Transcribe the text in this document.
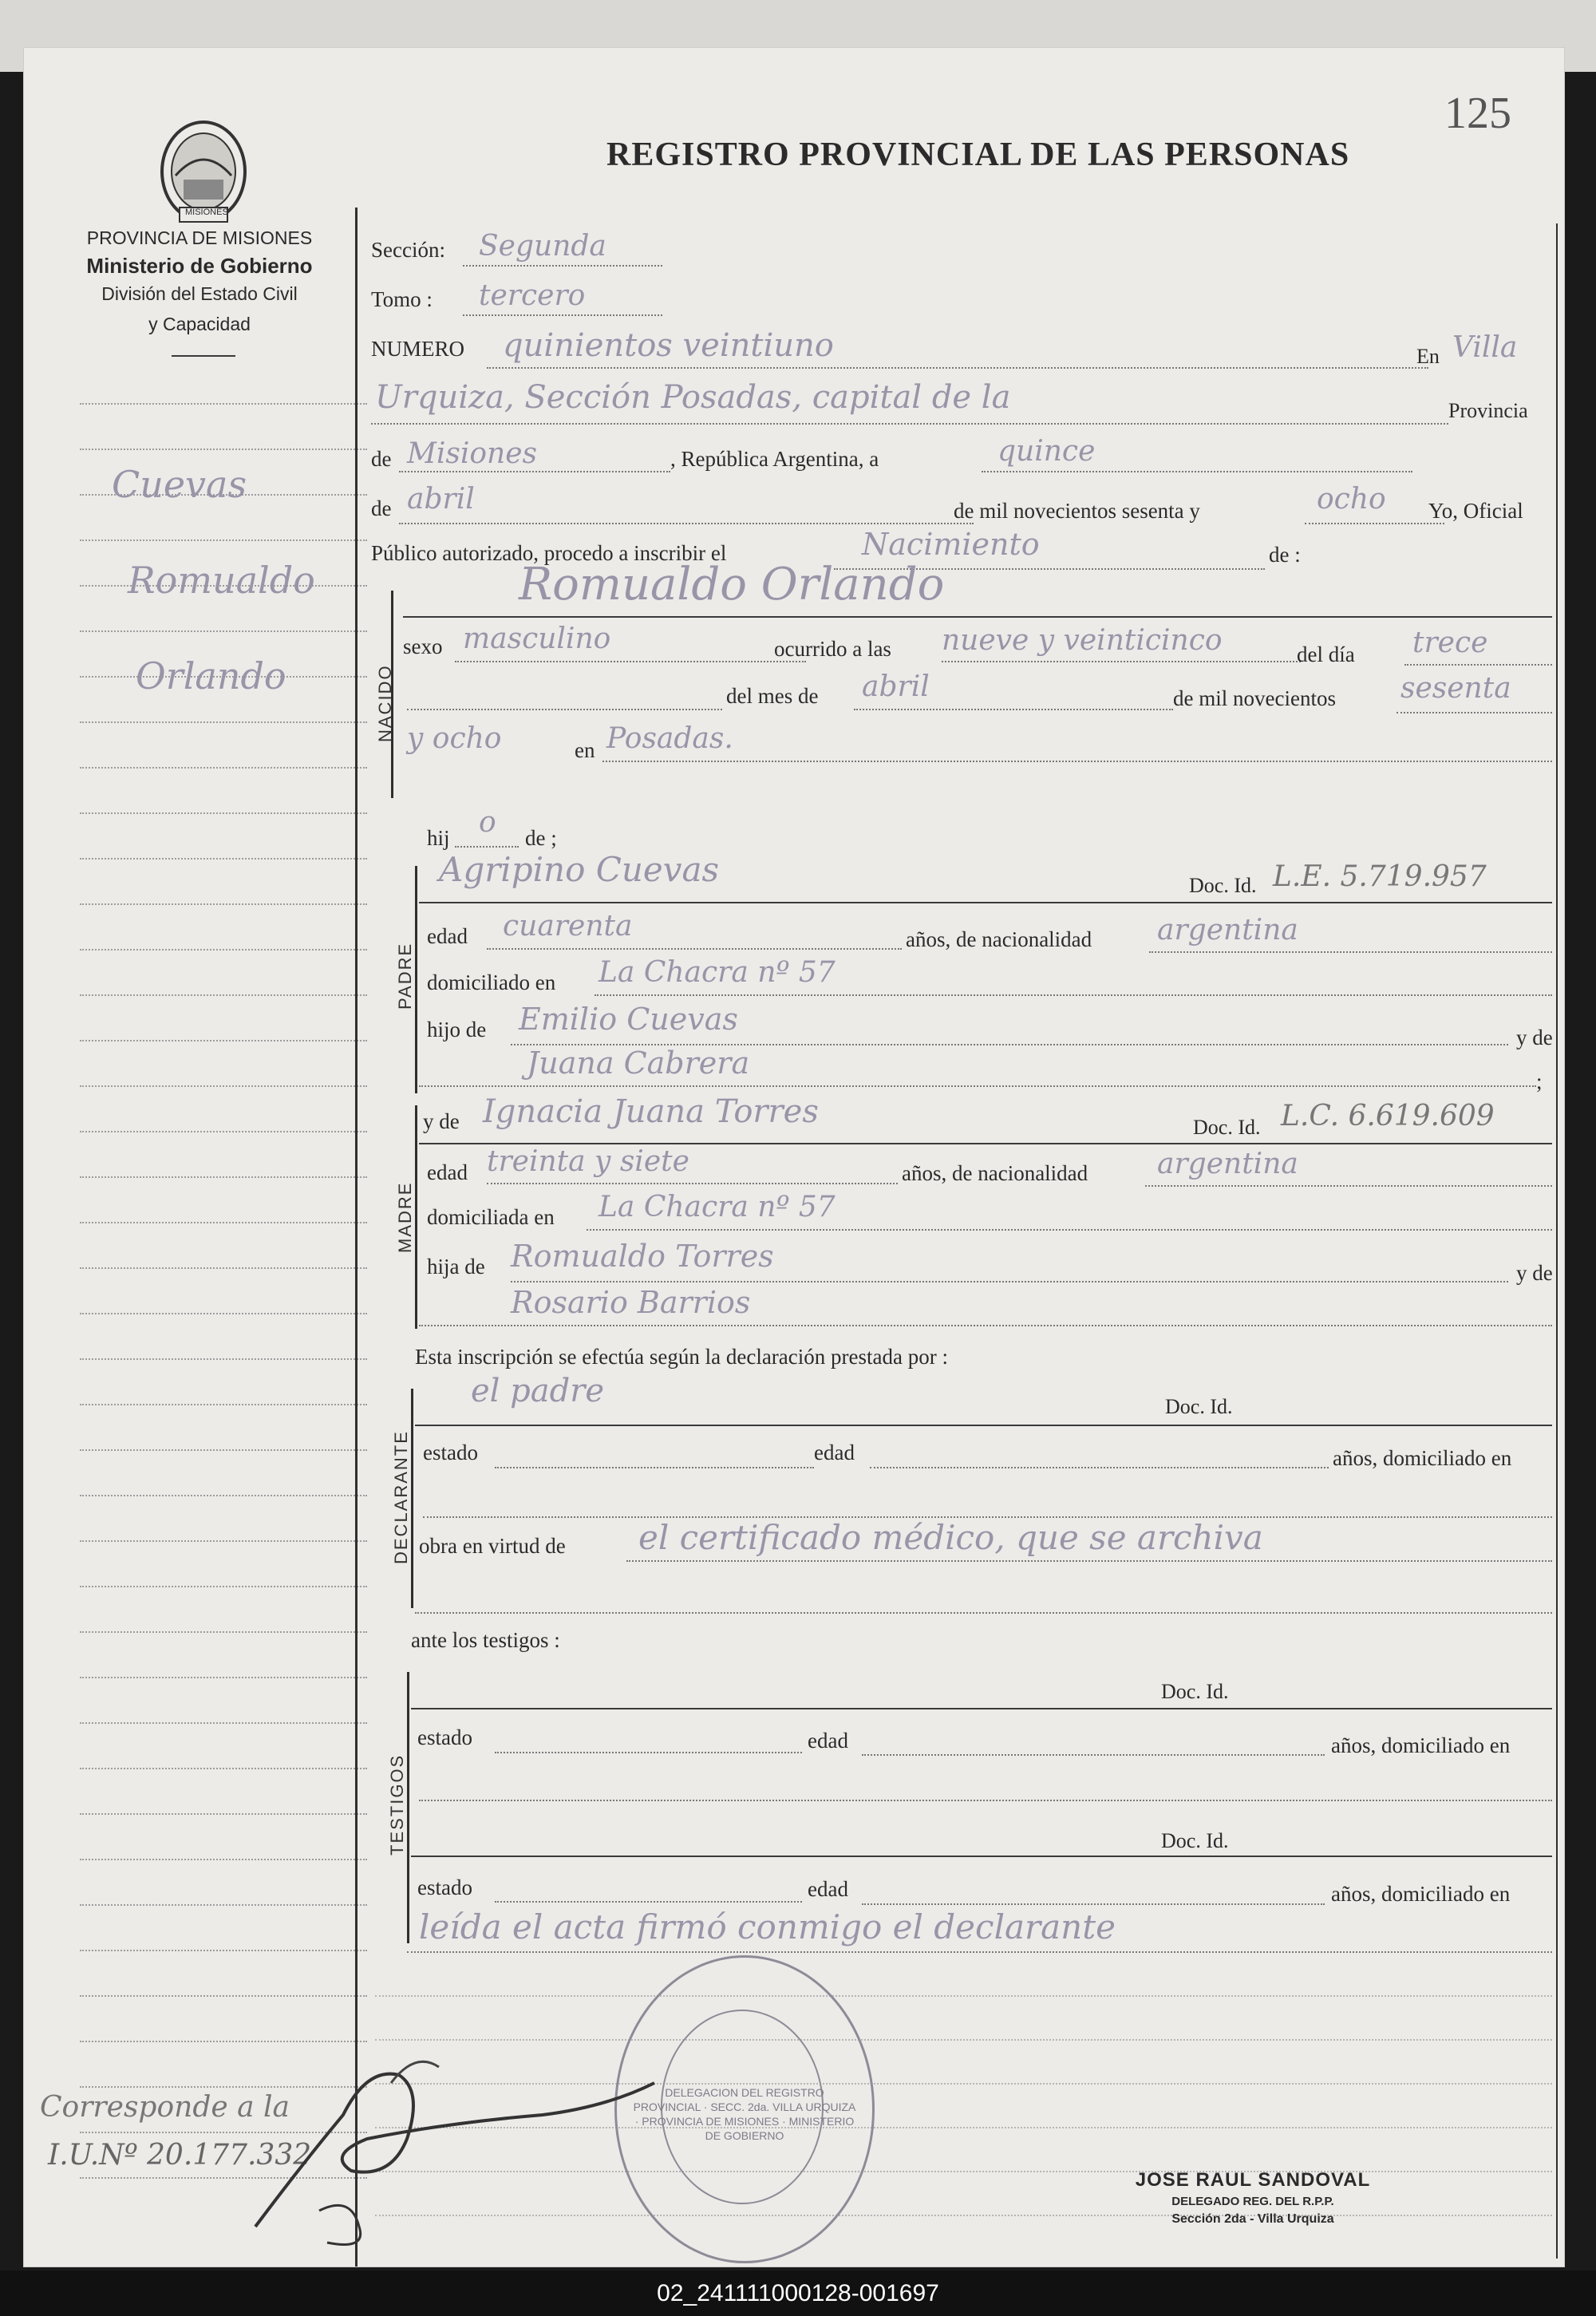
125
REGISTRO PROVINCIAL DE LAS PERSONAS
MISIONES
PROVINCIA DE MISIONES
Ministerio de Gobierno
División del Estado Civil
y Capacidad
Cuevas
Romualdo
Orlando
Corresponde a la
I.U.Nº 20.177.332
Sección: Segunda
Tomo : tercero
NUMERO quinientos veintiuno	En Villa
Urquiza, Sección Posadas, capital de la	Provincia
de Misiones	, República Argentina, a	quince
de abril	de mil novecientos sesenta y	ocho Yo, Oficial
Público autorizado, procedo a inscribir el	Nacimiento	de :
NACIDO
Romualdo Orlando
sexo masculino	ocurrido a las nueve y veinticinco	del día trece
del mes de abril	de mil novecientos sesenta
y ocho	en Posadas.
hij o de ;
PADRE
Agripino Cuevas	Doc. Id. L.E. 5.719.957
edad cuarenta	años, de nacionalidad argentina
domiciliado en La Chacra nº 57
hijo de Emilio Cuevas
y de
Juana Cabrera
;
MADRE
y de Ignacia Juana Torres	Doc. Id. L.C. 6.619.609
edad treinta y siete	años, de nacionalidad argentina
domiciliada en La Chacra nº 57
hija de Romualdo Torres	y de
Rosario Barrios
Esta inscripción se efectúa según la declaración prestada por :
DECLARANTE
el padre	Doc. Id.
estado	edad	años, domiciliado en
obra en virtud de el certificado médico, que se archiva
ante los testigos :
TESTIGOS
Doc. Id.
estado	edad	años, domiciliado en
Doc. Id.
estado	edad	años, domiciliado en
leída el acta firmó conmigo el declarante
DELEGACION DEL REGISTRO PROVINCIAL · SECC. 2da. VILLA URQUIZA · PROVINCIA DE MISIONES · MINISTERIO DE GOBIERNO
JOSE RAUL SANDOVAL
DELEGADO REG. DEL R.P.P.
Sección 2da - Villa Urquiza
02_241111000128-001697
